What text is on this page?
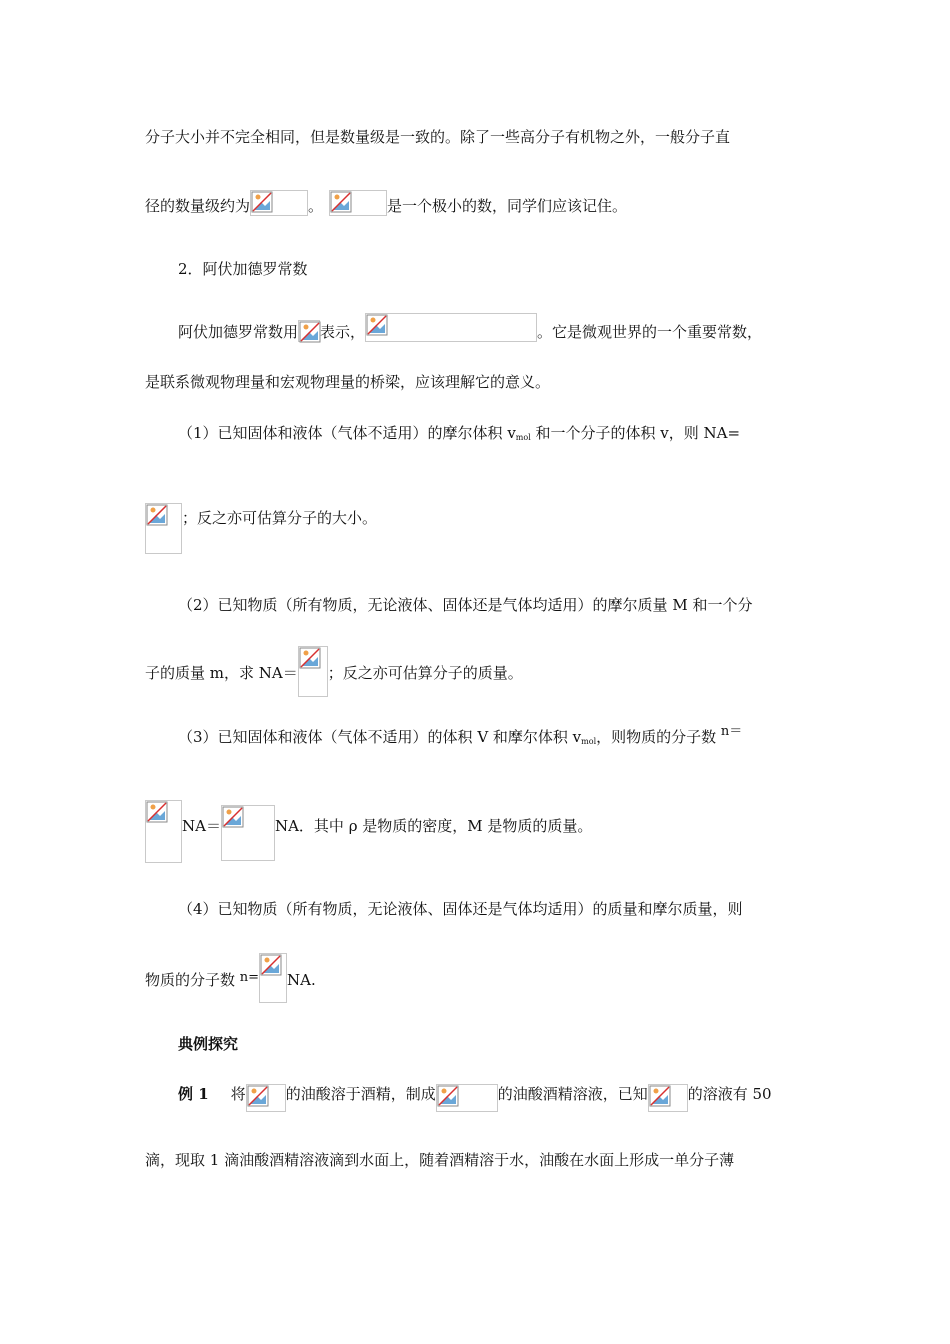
分子大小并不完全相同，但是数量级是一致的。除了一些高分子有机物之外，一般分子直
径的数量级约为	。	是一个极小的数，同学们应该记住。
2．阿伏加德罗常数
阿伏加德罗常数用 表示，	。它是微观世界的一个重要常数，
是联系微观物理量和宏观物理量的桥梁，应该理解它的意义。
（1）已知固体和液体（气体不适用）的摩尔体积 $v_{mol}$ 和一个分子的体积 v，则 NA=
；反之亦可估算分子的大小。
（2）已知物质（所有物质，无论液体、固体还是气体均适用）的摩尔质量 M 和一个分
子的质量 m，求 NA＝ ；反之亦可估算分子的质量。
（3）已知固体和液体（气体不适用）的体积 V 和摩尔体积 $v_{mol}$，则物质的分子数 n＝
NA＝	NA．其中 ρ 是物质的密度，M 是物质的质量。
（4）已知物质（所有物质，无论液体、固体还是气体均适用）的质量和摩尔质量，则
物质的分子数 n= NA.
典例探究
例 1 将	的油酸溶于酒精，制成	的油酸酒精溶液，已知	的溶液有 50
滴，现取 1 滴油酸酒精溶液滴到水面上，随着酒精溶于水，油酸在水面上形成一单分子薄
